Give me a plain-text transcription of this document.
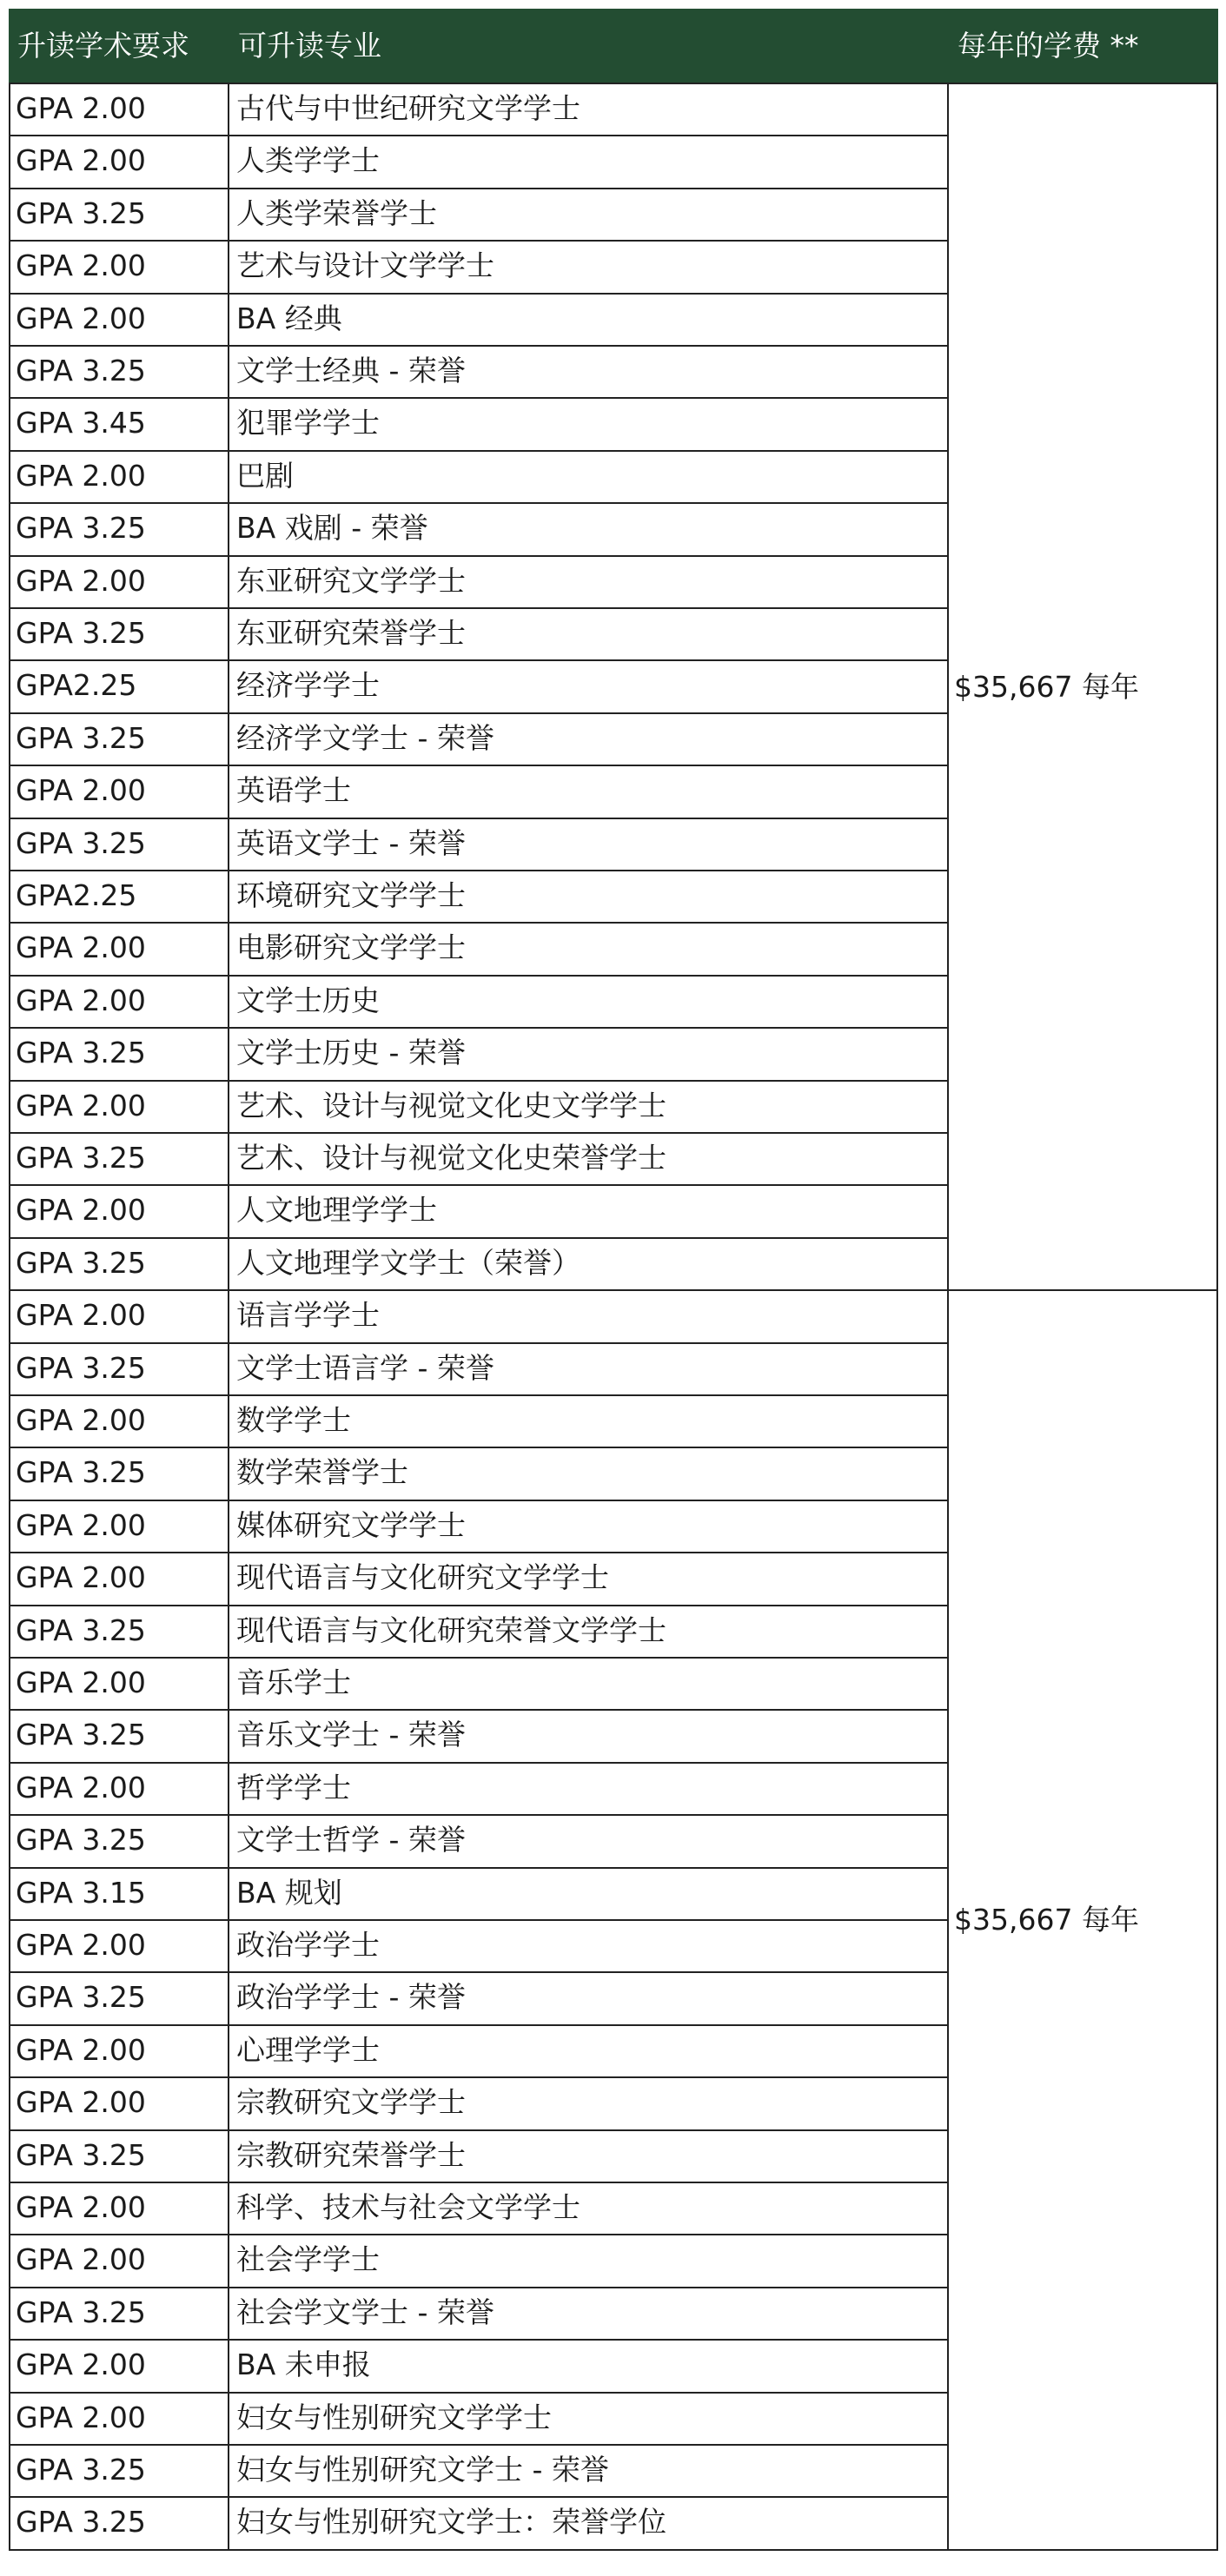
升读学术要求	可升读专业	每年的学费 **
GPA 2.00	古代与中世纪研究文学学士
GPA 2.00	人类学学士
GPA 3.25	人类学荣誉学士
GPA 2.00	艺术与设计文学学士
GPA 2.00	BA 经典
GPA 3.25	文学士经典 - 荣誉
GPA 3.45	犯罪学学士
GPA 2.00	巴剧
GPA 3.25	BA 戏剧 - 荣誉
GPA 2.00	东亚研究文学学士
GPA 3.25	东亚研究荣誉学士
GPA2.25	经济学学士
GPA 3.25	经济学文学士 - 荣誉
GPA 2.00	英语学士
GPA 3.25	英语文学士 - 荣誉
GPA2.25	环境研究文学学士
GPA 2.00	电影研究文学学士
GPA 2.00	文学士历史
GPA 3.25	文学士历史 - 荣誉
GPA 2.00	艺术、设计与视觉文化史文学学士
GPA 3.25	艺术、设计与视觉文化史荣誉学士
GPA 2.00	人文地理学学士
GPA 3.25	人文地理学文学士（荣誉）
$35,667 每年
GPA 2.00	语言学学士
GPA 3.25	文学士语言学 - 荣誉
GPA 2.00	数学学士
GPA 3.25	数学荣誉学士
GPA 2.00	媒体研究文学学士
GPA 2.00	现代语言与文化研究文学学士
GPA 3.25	现代语言与文化研究荣誉文学学士
GPA 2.00	音乐学士
GPA 3.25	音乐文学士 - 荣誉
GPA 2.00	哲学学士
GPA 3.25	文学士哲学 - 荣誉
GPA 3.15	BA 规划
GPA 2.00	政治学学士
GPA 3.25	政治学学士 - 荣誉
GPA 2.00	心理学学士
GPA 2.00	宗教研究文学学士
GPA 3.25	宗教研究荣誉学士
GPA 2.00	科学、技术与社会文学学士
GPA 2.00	社会学学士
GPA 3.25	社会学文学士 - 荣誉
GPA 2.00	BA 未申报
GPA 2.00	妇女与性别研究文学学士
GPA 3.25	妇女与性别研究文学士 - 荣誉
GPA 3.25	妇女与性别研究文学士：荣誉学位
$35,667 每年
